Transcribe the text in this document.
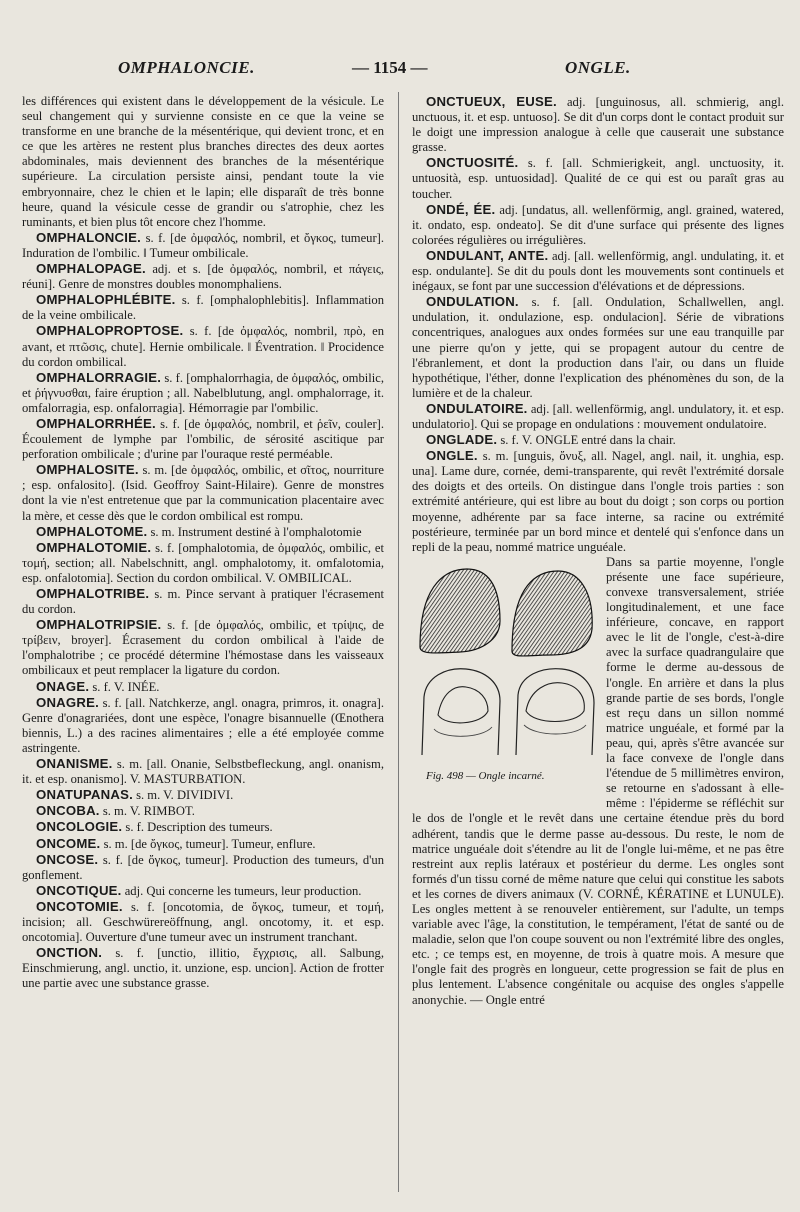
OMPHALONCIE.	— 1154 —	ONGLE.

les différences qui existent dans le développement de la vésicule. Le seul changement qui y survienne consiste en ce que la veine se transforme en une branche de la mésentérique, qui devient tronc, et en ce que les artères ne restent plus branches directes des deux aortes abdominales, mais deviennent des branches de la mésentérique supérieure. La circulation persiste ainsi, pendant toute la vie embryonnaire, chez le chien et le lapin; elle disparaît de très bonne heure, quand la vésicule cesse de grandir ou s'atrophie, chez les ruminants, et bien plus tôt encore chez l'homme.

OMPHALONCIE. s. f. [de ὀμφαλός, nombril, et ὄγκος, tumeur]. Induration de l'ombilic. ‖ Tumeur ombilicale.

OMPHALOPAGE. adj. et s. [de ὀμφαλός, nombril, et πάγεις, réuni]. Genre de monstres doubles monomphaliens.

OMPHALOPHLÉBITE. s. f. [omphalophlebitis]. Inflammation de la veine ombilicale.

OMPHALOPROPTOSE. s. f. [de ὀμφαλός, nombril, πρὸ, en avant, et πτῶσις, chute]. Hernie ombilicale. ‖ Éventration. ‖ Procidence du cordon ombilical.

OMPHALORRAGIE. s. f. [omphalorrhagia, de ὀμφαλός, ombilic, et ῥήγνυσθαι, faire éruption ; all. Nabelblutung, angl. omphalorrage, it. omfalorragia, esp. onfalorragia]. Hémorragie par l'ombilic.

OMPHALORRHÉE. s. f. [de ὀμφαλός, nombril, et ῥεῖν, couler]. Écoulement de lymphe par l'ombilic, de sérosité ascitique par perforation ombilicale ; d'urine par l'ouraque resté perméable.

OMPHALOSITE. s. m. [de ὀμφαλός, ombilic, et σῖτος, nourriture ; esp. onfalosito]. (Isid. Geoffroy Saint-Hilaire). Genre de monstres dont la vie n'est entretenue que par la communication placentaire avec la mère, et cesse dès que le cordon ombilical est rompu.

OMPHALOTOME. s. m. Instrument destiné à l'omphalotomie

OMPHALOTOMIE. s. f. [omphalotomia, de ὀμφαλός, ombilic, et τομή, section; all. Nabelschnitt, angl. omphalotomy, it. omfalotomia, esp. onfalotomia]. Section du cordon ombilical. V. OMBILICAL.

OMPHALOTRIBE. s. m. Pince servant à pratiquer l'écrasement du cordon.

OMPHALOTRIPSIE. s. f. [de ὀμφαλός, ombilic, et τρίψις, de τρίβειν, broyer]. Écrasement du cordon ombilical à l'aide de l'omphalotribe ; ce procédé détermine l'hémostase dans les vaisseaux ombilicaux et peut remplacer la ligature du cordon.

ONAGE. s. f. V. INÉE.

ONAGRE. s. f. [all. Natchkerze, angl. onagra, primros, it. onagra]. Genre d'onagrariées, dont une espèce, l'onagre bisannuelle (Œnothera biennis, L.) a des racines alimentaires ; elle a été employée comme astringente.

ONANISME. s. m. [all. Onanie, Selbstbefleckung, angl. onanism, it. et esp. onanismo]. V. MASTURBATION.

ONATUPANAS. s. m. V. DIVIDIVI.

ONCOBA. s. m. V. RIMBOT.

ONCOLOGIE. s. f. Description des tumeurs.

ONCOME. s. m. [de ὄγκος, tumeur]. Tumeur, enflure.

ONCOSE. s. f. [de ὄγκος, tumeur]. Production des tumeurs, d'un gonflement.

ONCOTIQUE. adj. Qui concerne les tumeurs, leur production.

ONCOTOMIE. s. f. [oncotomia, de ὄγκος, tumeur, et τομή, incision; all. Geschwürereöffnung, angl. oncotomy, it. et esp. oncotomia]. Ouverture d'une tumeur avec un instrument tranchant.

ONCTION. s. f. [unctio, illitio, ἔγχρισις, all. Salbung, Einschmierung, angl. unctio, it. unzione, esp. uncion]. Action de frotter une partie avec une substance grasse.

ONCTUEUX, EUSE. adj. [unguinosus, all. schmierig, angl. unctuous, it. et esp. untuoso]. Se dit d'un corps dont le contact produit sur le doigt une impression analogue à celle que causerait une substance grasse.

ONCTUOSITÉ. s. f. [all. Schmierigkeit, angl. unctuosity, it. untuosità, esp. untuosidad]. Qualité de ce qui est ou paraît gras au toucher.

ONDÉ, ÉE. adj. [undatus, all. wellenförmig, angl. grained, watered, it. ondato, esp. ondeato]. Se dit d'une surface qui présente des lignes colorées régulières ou irrégulières.

ONDULANT, ANTE. adj. [all. wellenförmig, angl. undulating, it. et esp. ondulante]. Se dit du pouls dont les mouvements sont continuels et inégaux, se font par une succession d'élévations et de dépressions.

ONDULATION. s. f. [all. Ondulation, Schallwellen, angl. undulation, it. ondulazione, esp. ondulacion]. Série de vibrations concentriques, analogues aux ondes formées sur une eau tranquille par une pierre qu'on y jette, qui se propagent autour du centre de l'ébranlement, et dont la production dans l'air, ou dans un fluide hypothétique, l'éther, donne l'explication des phénomènes du son, de la lumière et de la chaleur.

ONDULATOIRE. adj. [all. wellenförmig, angl. undulatory, it. et esp. undulatorio]. Qui se propage en ondulations : mouvement ondulatoire.

ONGLADE. s. f. V. ONGLE entré dans la chair.

ONGLE. s. m. [unguis, ὄνυξ, all. Nagel, angl. nail, it. unghia, esp. una]. Lame dure, cornée, demi-transparente, qui revêt l'extrémité dorsale des doigts et des orteils. On distingue dans l'ongle trois parties : son extrémité antérieure, qui est libre au bout du doigt ; son corps ou portion moyenne, adhérente par sa face interne, sa racine ou extrémité postérieure, terminée par un bord mince et dentelé qui s'enfonce dans un repli de la peau, nommé matrice unguéale.

Fig. 498 — Ongle incarné.

Dans sa partie moyenne, l'ongle présente une face supérieure, convexe transversalement, striée longitudinalement, et une face inférieure, concave, en rapport avec le lit de l'ongle, c'est-à-dire avec la surface quadrangulaire que forme le derme au-dessous de l'ongle. En arrière et dans la plus grande partie de ses bords, l'ongle est reçu dans un sillon nommé matrice unguéale, et formé par la peau, qui, après s'être avancée sur la face convexe de l'ongle dans l'étendue de 5 millimètres environ, se retourne en s'adossant à elle-même : l'épiderme se réfléchit sur le dos de l'ongle et le revêt dans une certaine étendue près du bord adhérent, tandis que le derme passe au-dessous. Du reste, le nom de matrice unguéale doit s'étendre au lit de l'ongle lui-même, et ne pas être restreint aux replis latéraux et postérieur du derme. Les ongles sont formés d'un tissu corné de même nature que celui qui constitue les sabots et les cornes de divers animaux (V. CORNÉ, KÉRATINE et LUNULE). Les ongles mettent à se renouveler entièrement, sur l'adulte, un temps variable avec l'âge, la constitution, le tempérament, l'état de santé ou de maladie, selon que l'on coupe souvent ou non l'extrémité libre des ongles, etc. ; ce temps est, en moyenne, de trois à quatre mois. A mesure que l'ongle fait des progrès en longueur, cette progression se fait de plus en plus lentement. L'absence congénitale ou acquise des ongles s'appelle anonychie. — Ongle entré
